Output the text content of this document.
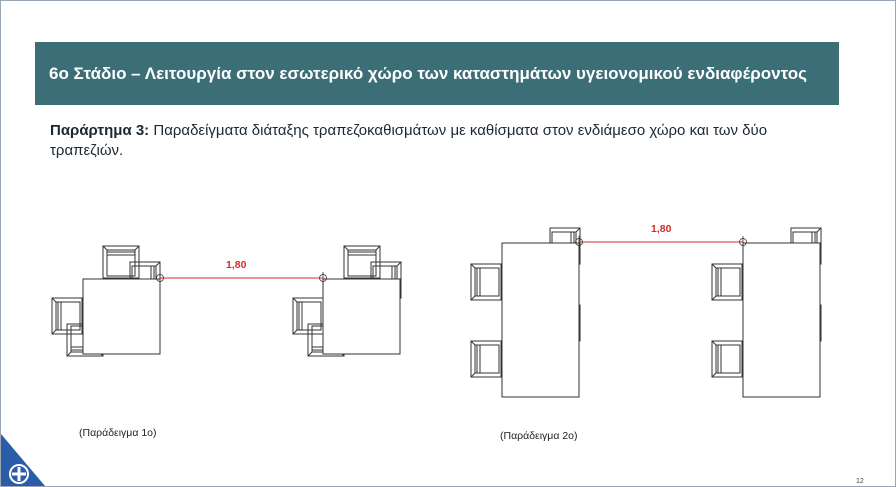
6ο Στάδιο – Λειτουργία στον εσωτερικό χώρο των καταστημάτων υγειονομικού ενδιαφέροντος
Παράρτημα 3: Παραδείγματα διάταξης τραπεζοκαθισμάτων με καθίσματα στον ενδιάμεσο χώρο και των δύο τραπεζιών.
1,80
1,80
(Παράδειγμα 1ο)	(Παράδειγμα 2ο)
12
